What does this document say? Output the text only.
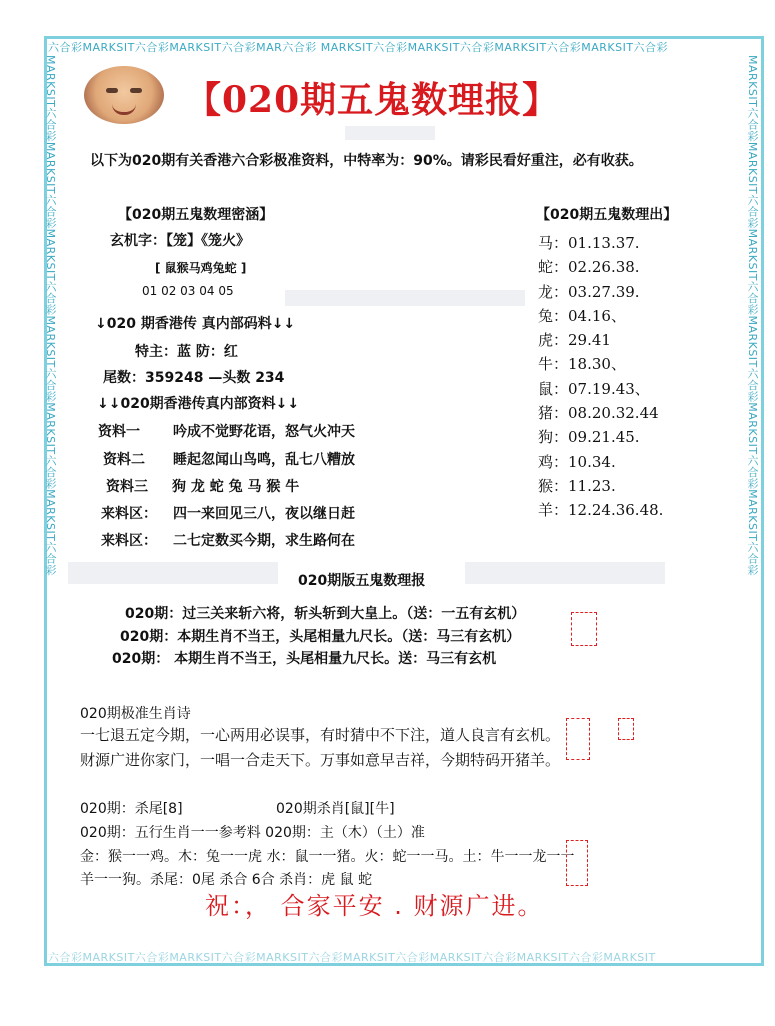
六合彩MARKSIT六合彩MARKSIT六合彩MAR六合彩 MARKSIT六合彩MARKSIT六合彩MARKSIT六合彩MARKSIT六合彩
六合彩MARKSIT六合彩MARKSIT六合彩MARKSIT六合彩MARKSIT六合彩MARKSIT六合彩MARKSIT六合彩MARKSIT
MARKSIT六合彩MARKSIT六合彩MARKSIT六合彩MARKSIT六合彩MARKSIT六合彩MARKSIT六合彩	MARKSIT六合彩MARKSIT六合彩MARKSIT六合彩MARKSIT六合彩MARKSIT六合彩MARKSIT六合彩
【020期五鬼数理报】
以下为020期有关香港六合彩极准资料，中特率为：90%。请彩民看好重注，必有收获。
【020期五鬼数理密涵】
玄机字：【笼】《笼火》
[ 鼠猴马鸡兔蛇 ]
01 02 03 04 05
↓020 期香港传 真内部码料↓↓
特主：蓝 防：红
尾数：359248 —头数 234
↓↓020期香港传真内部资料↓↓
资料一 吟成不觉野花语，怒气火冲天
资料二 睡起忽闻山鸟鸣，乱七八糟放
资料三 狗 龙 蛇 兔 马 猴 牛
来料区： 四一来回见三八，夜以继日赶
来料区： 二七定数买今期，求生路何在
【020期五鬼数理出】
马：01.13.37.
蛇：02.26.38.
龙：03.27.39.
兔：04.16、
虎：29.41
牛：18.30、
鼠：07.19.43、
猪：08.20.32.44
狗：09.21.45.
鸡：10.34.
猴：11.23.
羊：12.24.36.48.
020期版五鬼数理报
020期：过三关来斩六将，斩头斩到大皇上。（送：一五有玄机）
020期：本期生肖不当王，头尾相量九尺长。（送：马三有玄机）
020期： 本期生肖不当王，头尾相量九尺长。送：马三有玄机
020期极准生肖诗
一七退五定今期，一心两用必误事，有时猜中不下注，道人良言有玄机。
财源广进你家门，一唱一合走天下。万事如意早吉祥，今期特码开猪羊。
020期：杀尾[8]	020期杀肖[鼠][牛]
020期：五行生肖一一参考料 020期：主（木）（土）准
金：猴一一鸡。木：兔一一虎 水：鼠一一猪。火：蛇一一马。土：牛一一龙一一
羊一一狗。杀尾：0尾 杀合 6合 杀肖：虎 鼠 蛇
祝：， 合家平安 . 财源广进。
